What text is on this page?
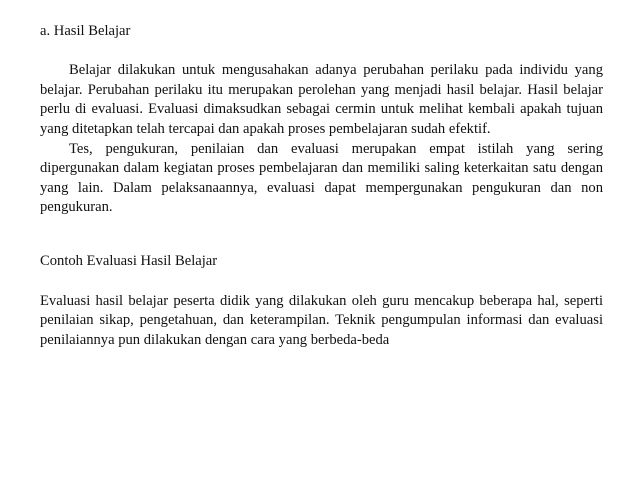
a. Hasil Belajar

Belajar dilakukan untuk mengusahakan adanya perubahan perilaku pada individu yang belajar. Perubahan perilaku itu merupakan perolehan yang menjadi hasil belajar. Hasil belajar perlu di evaluasi. Evaluasi dimaksudkan sebagai cermin untuk melihat kembali apakah tujuan yang ditetapkan telah tercapai dan apakah proses pembelajaran sudah efektif.

Tes, pengukuran, penilaian dan evaluasi merupakan empat istilah yang sering dipergunakan dalam kegiatan proses pembelajaran dan memiliki saling keterkaitan satu dengan yang lain. Dalam pelaksanaannya, evaluasi dapat mempergunakan pengukuran dan non pengukuran.

Contoh Evaluasi Hasil Belajar

Evaluasi hasil belajar peserta didik yang dilakukan oleh guru mencakup beberapa hal, seperti penilaian sikap, pengetahuan, dan keterampilan. Teknik pengumpulan informasi dan evaluasi penilaiannya pun dilakukan dengan cara yang berbeda-beda
